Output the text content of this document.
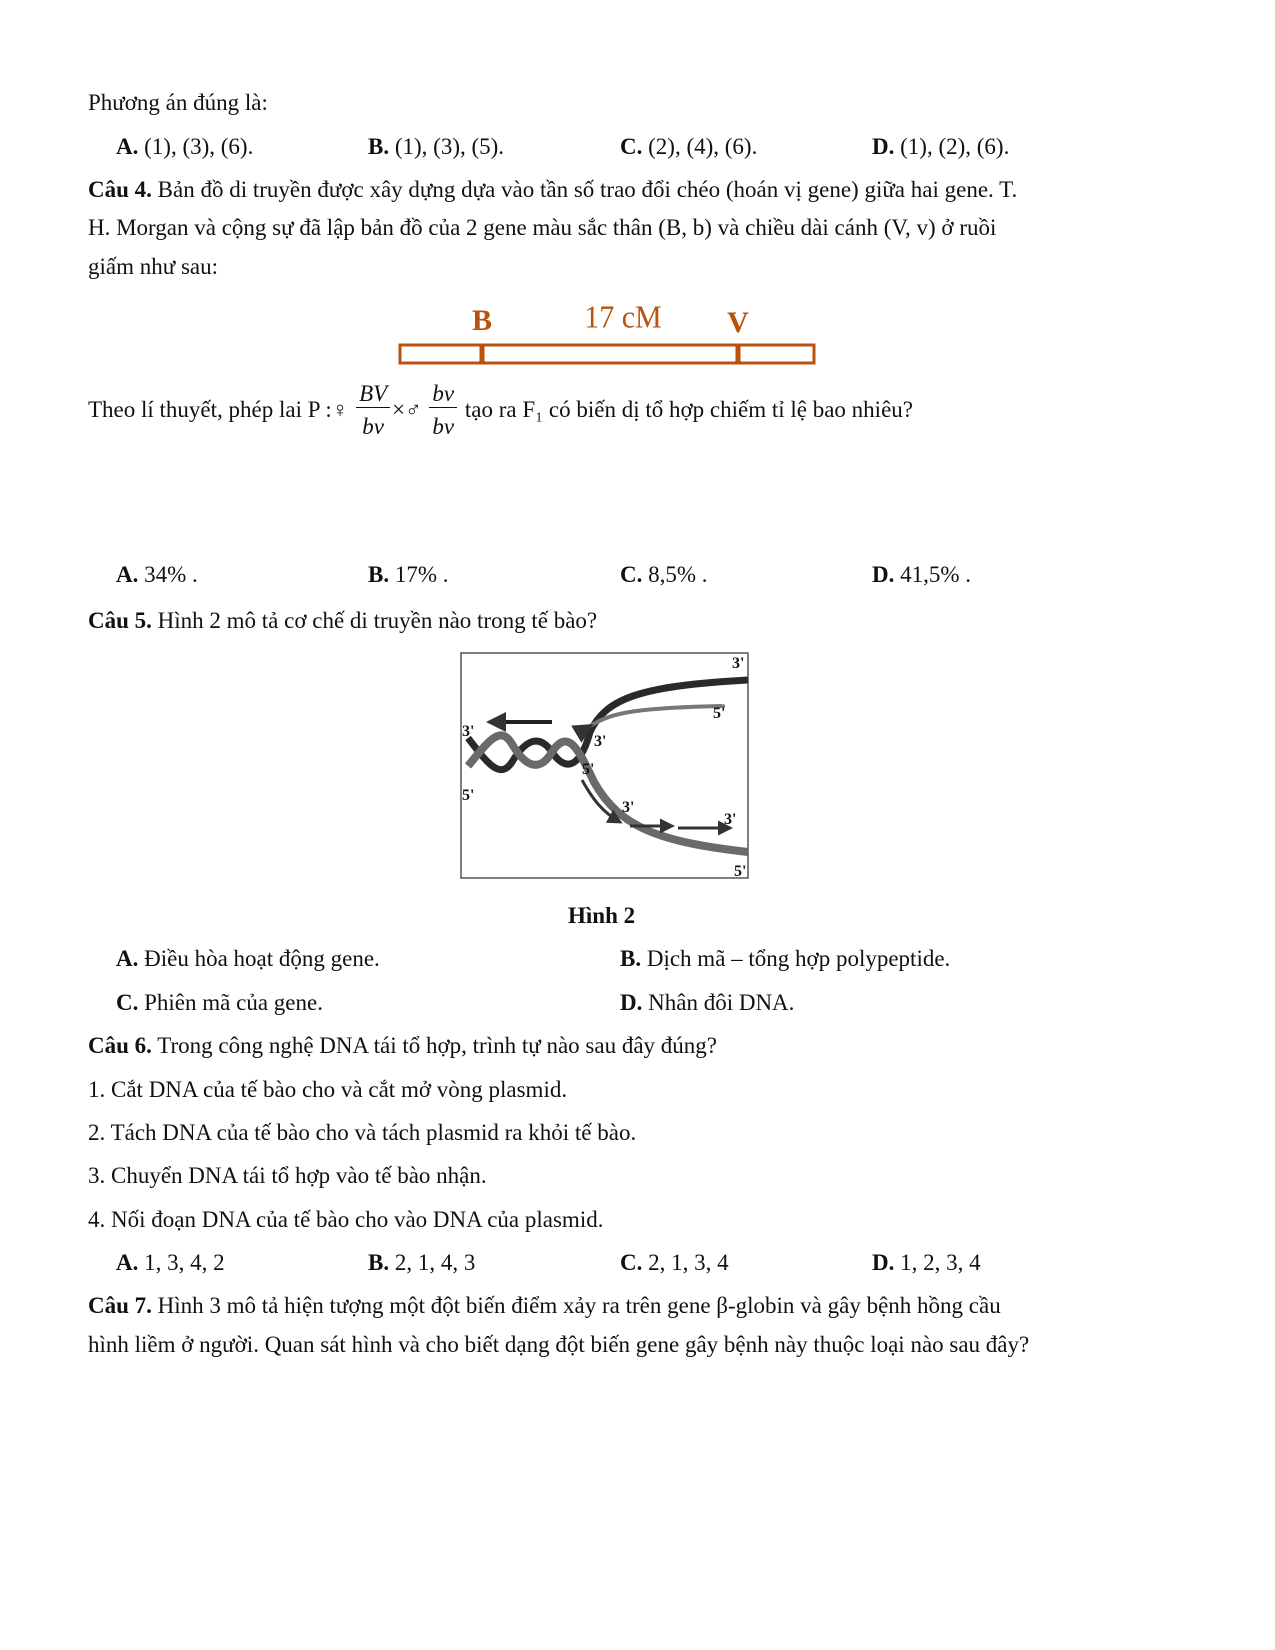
Phương án đúng là:
A. (1), (3), (6).	B. (1), (3), (5).	C. (2), (4), (6).	D. (1), (2), (6).
Câu 4. Bản đồ di truyền được xây dựng dựa vào tần số trao đổi chéo (hoán vị gene) giữa hai gene. T.
H. Morgan và cộng sự đã lập bản đồ của 2 gene màu sắc thân (B, b) và chiều dài cánh (V, v) ở ruồi
giấm như sau:
B	17 cM V
Theo lí thuyết, phép lai P :♀ $\frac{BV}{bv}$ ×♂ $\frac{bv}{bv}$ tạo ra F₁ có biến dị tổ hợp chiếm tỉ lệ bao nhiêu?
A. 34% .	B. 17% .	C. 8,5% .	D. 41,5% .
Câu 5. Hình 2 mô tả cơ chế di truyền nào trong tế bào?
3'
5'
3'
3'
5'
5'
3'
3'
5'
Hình 2
A. Điều hòa hoạt động gene.	B. Dịch mã – tổng hợp polypeptide.
C. Phiên mã của gene.	D. Nhân đôi DNA.
Câu 6. Trong công nghệ DNA tái tổ hợp, trình tự nào sau đây đúng?
1. Cắt DNA của tế bào cho và cắt mở vòng plasmid.
2. Tách DNA của tế bào cho và tách plasmid ra khỏi tế bào.
3. Chuyển DNA tái tổ hợp vào tế bào nhận.
4. Nối đoạn DNA của tế bào cho vào DNA của plasmid.
A. 1, 3, 4, 2	B. 2, 1, 4, 3	C. 2, 1, 3, 4	D. 1, 2, 3, 4
Câu 7. Hình 3 mô tả hiện tượng một đột biến điểm xảy ra trên gene β-globin và gây bệnh hồng cầu
hình liềm ở người. Quan sát hình và cho biết dạng đột biến gene gây bệnh này thuộc loại nào sau đây?
